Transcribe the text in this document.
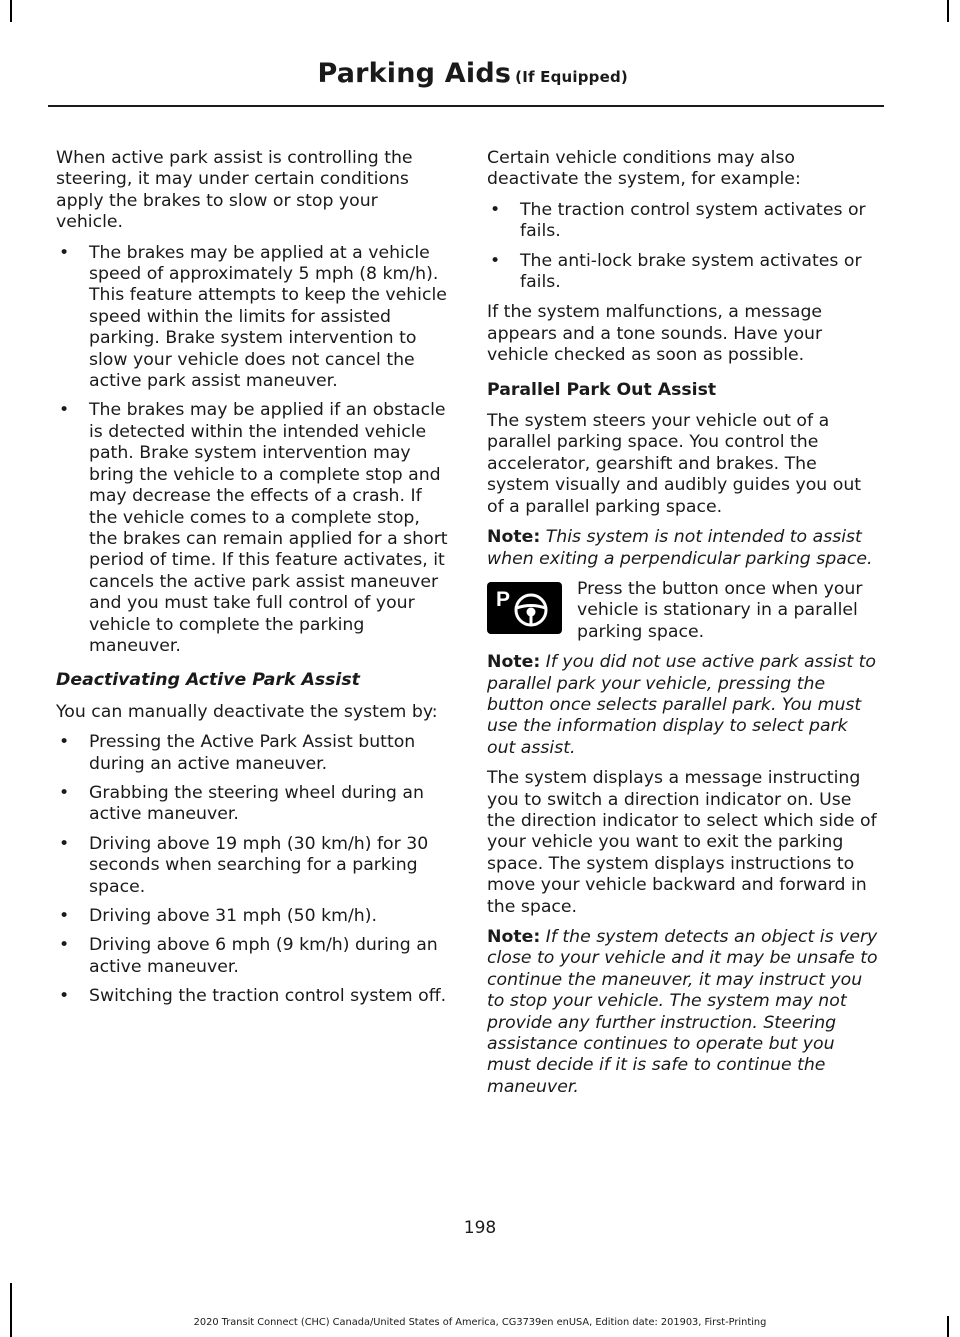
Parking Aids (If Equipped)

When active park assist is controlling the steering, it may under certain conditions apply the brakes to slow or stop your vehicle.

• The brakes may be applied at a vehicle speed of approximately 5 mph (8 km/h). This feature attempts to keep the vehicle speed within the limits for assisted parking. Brake system intervention to slow your vehicle does not cancel the active park assist maneuver.
• The brakes may be applied if an obstacle is detected within the intended vehicle path. Brake system intervention may bring the vehicle to a complete stop and may decrease the effects of a crash. If the vehicle comes to a complete stop, the brakes can remain applied for a short period of time. If this feature activates, it cancels the active park assist maneuver and you must take full control of your vehicle to complete the parking maneuver.

Deactivating Active Park Assist

You can manually deactivate the system by:

• Pressing the Active Park Assist button during an active maneuver.
• Grabbing the steering wheel during an active maneuver.
• Driving above 19 mph (30 km/h) for 30 seconds when searching for a parking space.
• Driving above 31 mph (50 km/h).
• Driving above 6 mph (9 km/h) during an active maneuver.
• Switching the traction control system off.

Certain vehicle conditions may also deactivate the system, for example:

• The traction control system activates or fails.
• The anti-lock brake system activates or fails.

If the system malfunctions, a message appears and a tone sounds. Have your vehicle checked as soon as possible.

Parallel Park Out Assist

The system steers your vehicle out of a parallel parking space. You control the accelerator, gearshift and brakes. The system visually and audibly guides you out of a parallel parking space.

Note: This system is not intended to assist when exiting a perpendicular parking space.

P	Press the button once when your vehicle is stationary in a parallel parking space.

Note: If you did not use active park assist to parallel park your vehicle, pressing the button once selects parallel park. You must use the information display to select park out assist.

The system displays a message instructing you to switch a direction indicator on. Use the direction indicator to select which side of your vehicle you want to exit the parking space. The system displays instructions to move your vehicle backward and forward in the space.

Note: If the system detects an object is very close to your vehicle and it may be unsafe to continue the maneuver, it may instruct you to stop your vehicle. The system may not provide any further instruction. Steering assistance continues to operate but you must decide if it is safe to continue the maneuver.

198
2020 Transit Connect (CHC) Canada/United States of America, CG3739en enUSA, Edition date: 201903, First-Printing
